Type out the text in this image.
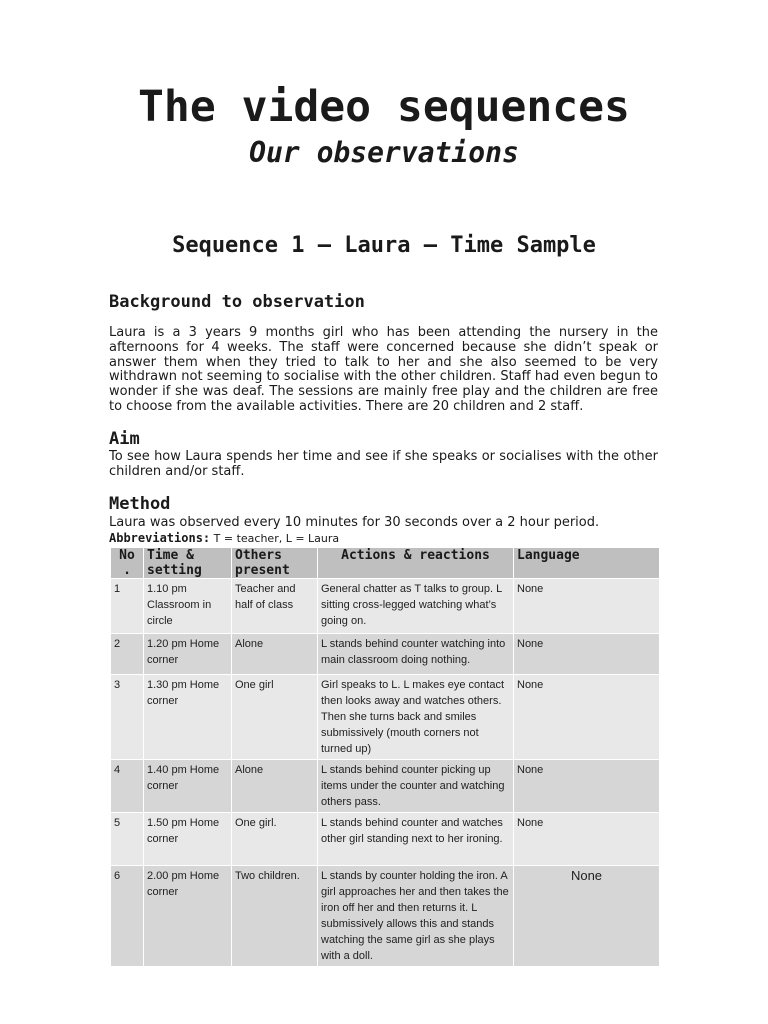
The video sequences
Our observations
Sequence 1 – Laura – Time Sample
Background to observation
Laura is a 3 years 9 months girl who has been attending the nursery in the afternoons for 4 weeks. The staff were concerned because she didn’t speak or answer them when they tried to talk to her and she also seemed to be very withdrawn not seeming to socialise with the other children. Staff had even begun to wonder if she was deaf. The sessions are mainly free play and the children are free to choose from the available activities. There are 20 children and 2 staff.
Aim
To see how Laura spends her time and see if she speaks or socialises with the other children and/or staff.
Method
Laura was observed every 10 minutes for 30 seconds over a 2 hour period.
Abbreviations: T = teacher, L = Laura
No .	Time & setting	Others present	Actions & reactions	Language
1	1.10 pm Classroom in circle	Teacher and half of class	General chatter as T talks to group. L sitting cross-legged watching what’s going on.	None
2	1.20 pm Home corner	Alone	L stands behind counter watching into main classroom doing nothing.	None
3	1.30 pm Home corner	One girl	Girl speaks to L. L makes eye contact then looks away and watches others. Then she turns back and smiles submissively (mouth corners not turned up)	None
4	1.40 pm Home corner	Alone	L stands behind counter picking up items under the counter and watching others pass.	None
5	1.50 pm Home corner	One girl.	L stands behind counter and watches other girl standing next to her ironing.	None
6	2.00 pm Home corner	Two children.	L stands by counter holding the iron. A girl approaches her and then takes the iron off her and then returns it. L submissively allows this and stands watching the same girl as she plays with a doll.	None
